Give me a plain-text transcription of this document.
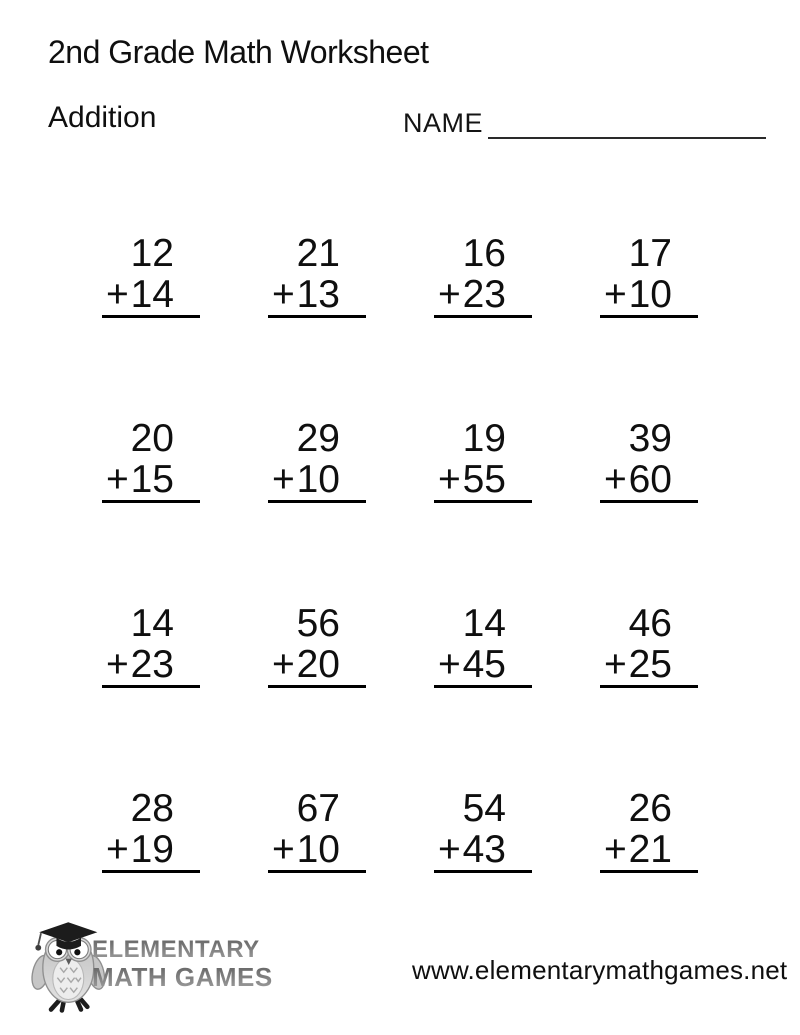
2nd Grade Math Worksheet
Addition	NAME
12
+ 14
21
+ 13
16
+ 23
17
+ 10
20
+ 15
29
+ 10
19
+ 55
39
+ 60
14
+ 23
56
+ 20
14
+ 45
46
+ 25
28
+ 19
67
+ 10
54
+ 43
26
+ 21
ELEMENTARY
MATH GAMES	www.elementarymathgames.net
